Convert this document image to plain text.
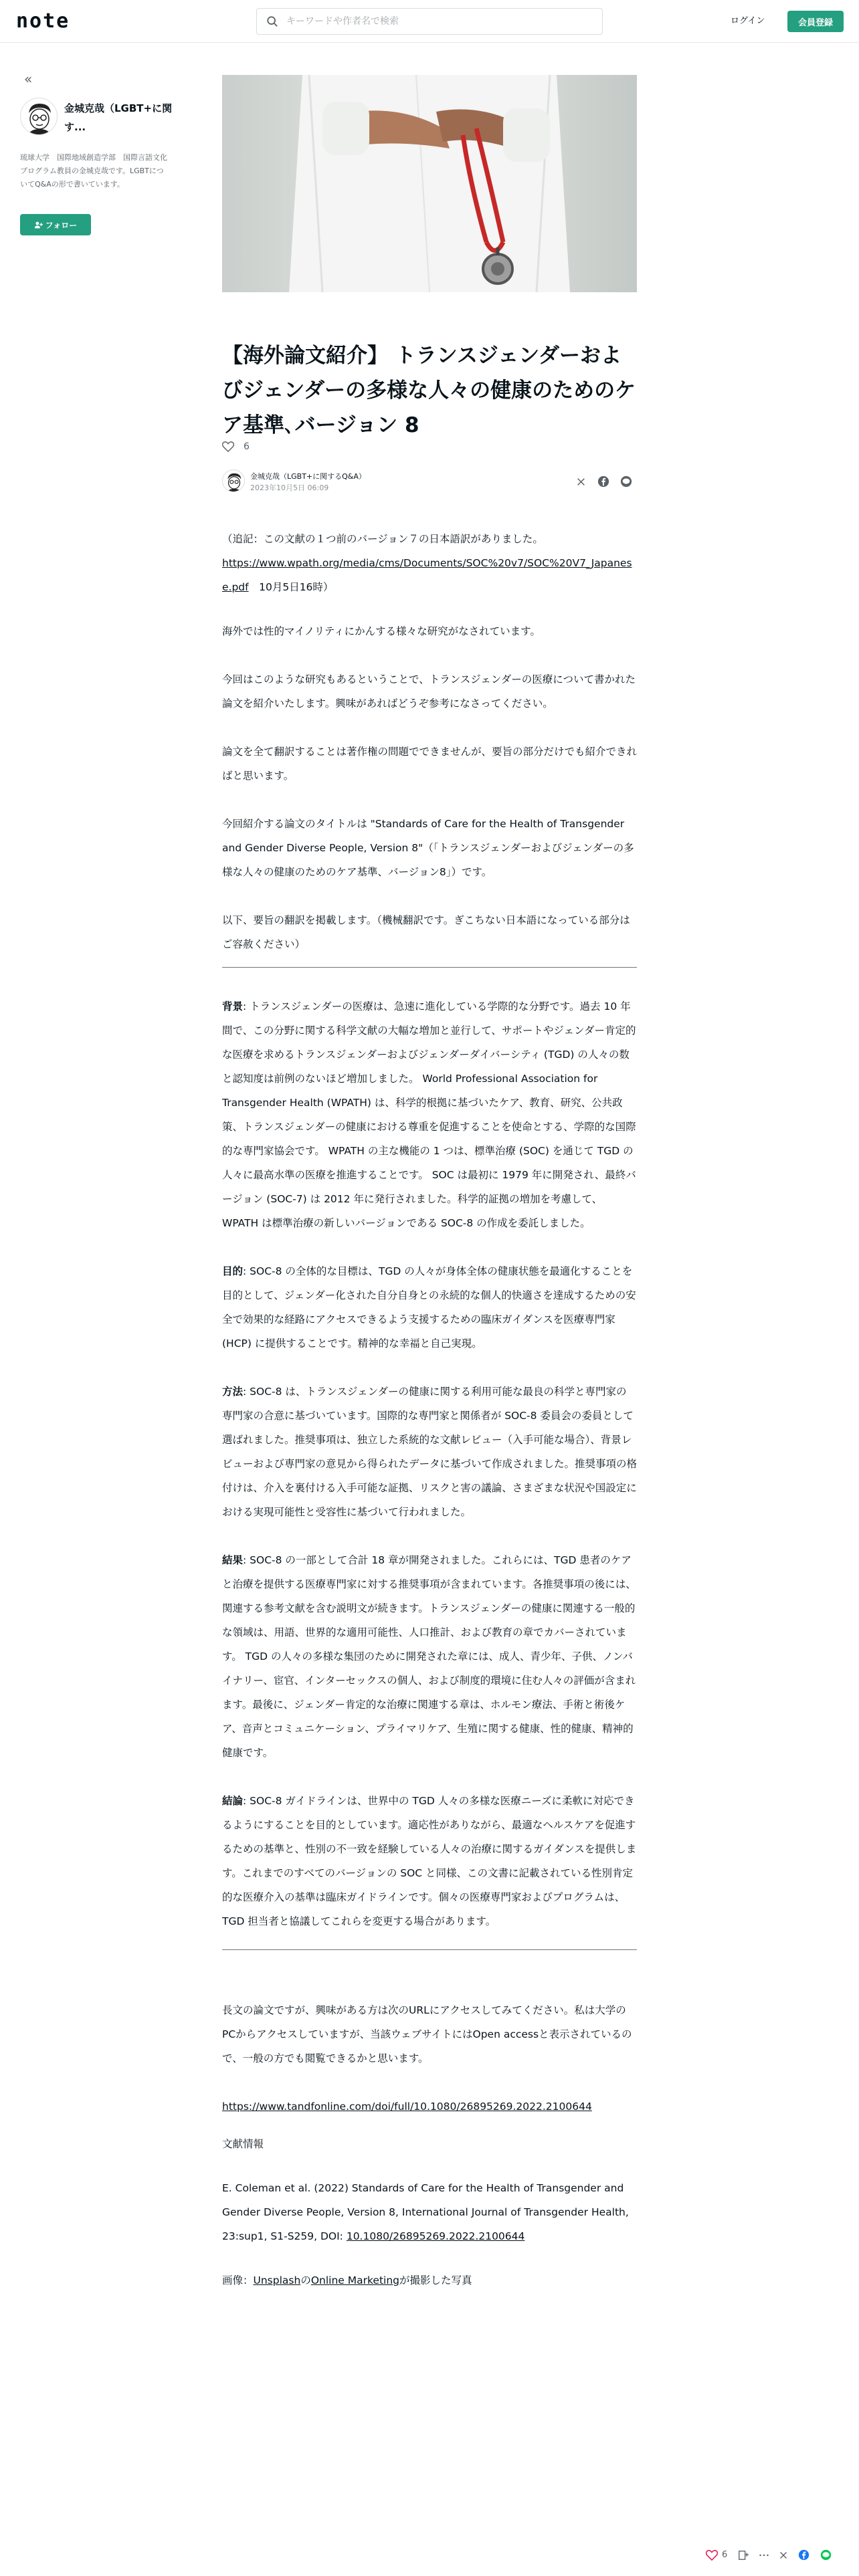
note
キーワードや作者名で検索	ログイン	会員登録
«
金城克哉（LGBT+に関す...
琉球大学　国際地域創造学部　国際言語文化プログラム教員の金城克哉です。LGBTについてQ&Aの形で書いています。
フォロー
【海外論文紹介】 トランスジェンダーおよびジェンダーの多様な人々の健康のためのケア基準､バージョン 8
6
金城克哉（LGBT+に関するQ&A）
2023年10月5日 06:09

（追記：この文献の１つ前のバージョン７の日本語訳がありました。
https://www.wpath.org/media/cms/Documents/SOC%20v7/SOC%20V7_Japanese.pdf　10月5日16時）

海外では性的マイノリティにかんする様々な研究がなされています。

今回はこのような研究もあるということで、トランスジェンダーの医療について書かれた論文を紹介いたします。興味があればどうぞ参考になさってください。

論文を全て翻訳することは著作権の問題でできませんが、要旨の部分だけでも紹介できればと思います。

今回紹介する論文のタイトルは "Standards of Care for the Health of Transgender and Gender Diverse People, Version 8"（「トランスジェンダーおよびジェンダーの多様な人々の健康のためのケア基準、バージョン8」）です。

以下、要旨の翻訳を掲載します。（機械翻訳です。ぎこちない日本語になっている部分はご容赦ください）

背景: トランスジェンダーの医療は、急速に進化している学際的な分野です。過去 10 年間で、この分野に関する科学文献の大幅な増加と並行して、サポートやジェンダー肯定的な医療を求めるトランスジェンダーおよびジェンダーダイバーシティ (TGD) の人々の数と認知度は前例のないほど増加しました。 World Professional Association for Transgender Health (WPATH) は、科学的根拠に基づいたケア、教育、研究、公共政策、トランスジェンダーの健康における尊重を促進することを使命とする、学際的な国際的な専門家協会です。 WPATH の主な機能の 1 つは、標準治療 (SOC) を通じて TGD の人々に最高水準の医療を推進することです。 SOC は最初に 1979 年に開発され、最終バージョン (SOC-7) は 2012 年に発行されました。科学的証拠の増加を考慮して、WPATH は標準治療の新しいバージョンである SOC-8 の作成を委託しました。

目的: SOC-8 の全体的な目標は、TGD の人々が身体全体の健康状態を最適化することを目的として、ジェンダー化された自分自身との永続的な個人的快適さを達成するための安全で効果的な経路にアクセスできるよう支援するための臨床ガイダンスを医療専門家 (HCP) に提供することです。精神的な幸福と自己実現。

方法: SOC-8 は、トランスジェンダーの健康に関する利用可能な最良の科学と専門家の専門家の合意に基づいています。国際的な専門家と関係者が SOC-8 委員会の委員として選ばれました。推奨事項は、独立した系統的な文献レビュー（入手可能な場合）、背景レビューおよび専門家の意見から得られたデータに基づいて作成されました。推奨事項の格付けは、介入を裏付ける入手可能な証拠、リスクと害の議論、さまざまな状況や国設定における実現可能性と受容性に基づいて行われました。

結果: SOC-8 の一部として合計 18 章が開発されました。これらには、TGD 患者のケアと治療を提供する医療専門家に対する推奨事項が含まれています。各推奨事項の後には、関連する参考文献を含む説明文が続きます。トランスジェンダーの健康に関連する一般的な領域は、用語、世界的な適用可能性、人口推計、および教育の章でカバーされています。 TGD の人々の多様な集団のために開発された章には、成人、青少年、子供、ノンバイナリー、宦官、インターセックスの個人、および制度的環境に住む人々の評価が含まれます。最後に、ジェンダー肯定的な治療に関連する章は、ホルモン療法、手術と術後ケア、音声とコミュニケーション、プライマリケア、生殖に関する健康、性的健康、精神的健康です。

結論: SOC-8 ガイドラインは、世界中の TGD 人々の多様な医療ニーズに柔軟に対応できるようにすることを目的としています。適応性がありながら、最適なヘルスケアを促進するための基準と、性別の不一致を経験している人々の治療に関するガイダンスを提供します。これまでのすべてのバージョンの SOC と同様、この文書に記載されている性別肯定的な医療介入の基準は臨床ガイドラインです。個々の医療専門家およびプログラムは、TGD 担当者と協議してこれらを変更する場合があります。

長文の論文ですが、興味がある方は次のURLにアクセスしてみてください。私は大学のPCからアクセスしていますが、当該ウェブサイトにはOpen accessと表示されているので、一般の方でも閲覧できるかと思います。

https://www.tandfonline.com/doi/full/10.1080/26895269.2022.2100644

文献情報

E. Coleman et al. (2022) Standards of Care for the Health of Transgender and Gender Diverse People, Version 8, International Journal of Transgender Health, 23:sup1, S1-S259, DOI: 10.1080/26895269.2022.2100644

画像：UnsplashのOnline Marketingが撮影した写真

6
